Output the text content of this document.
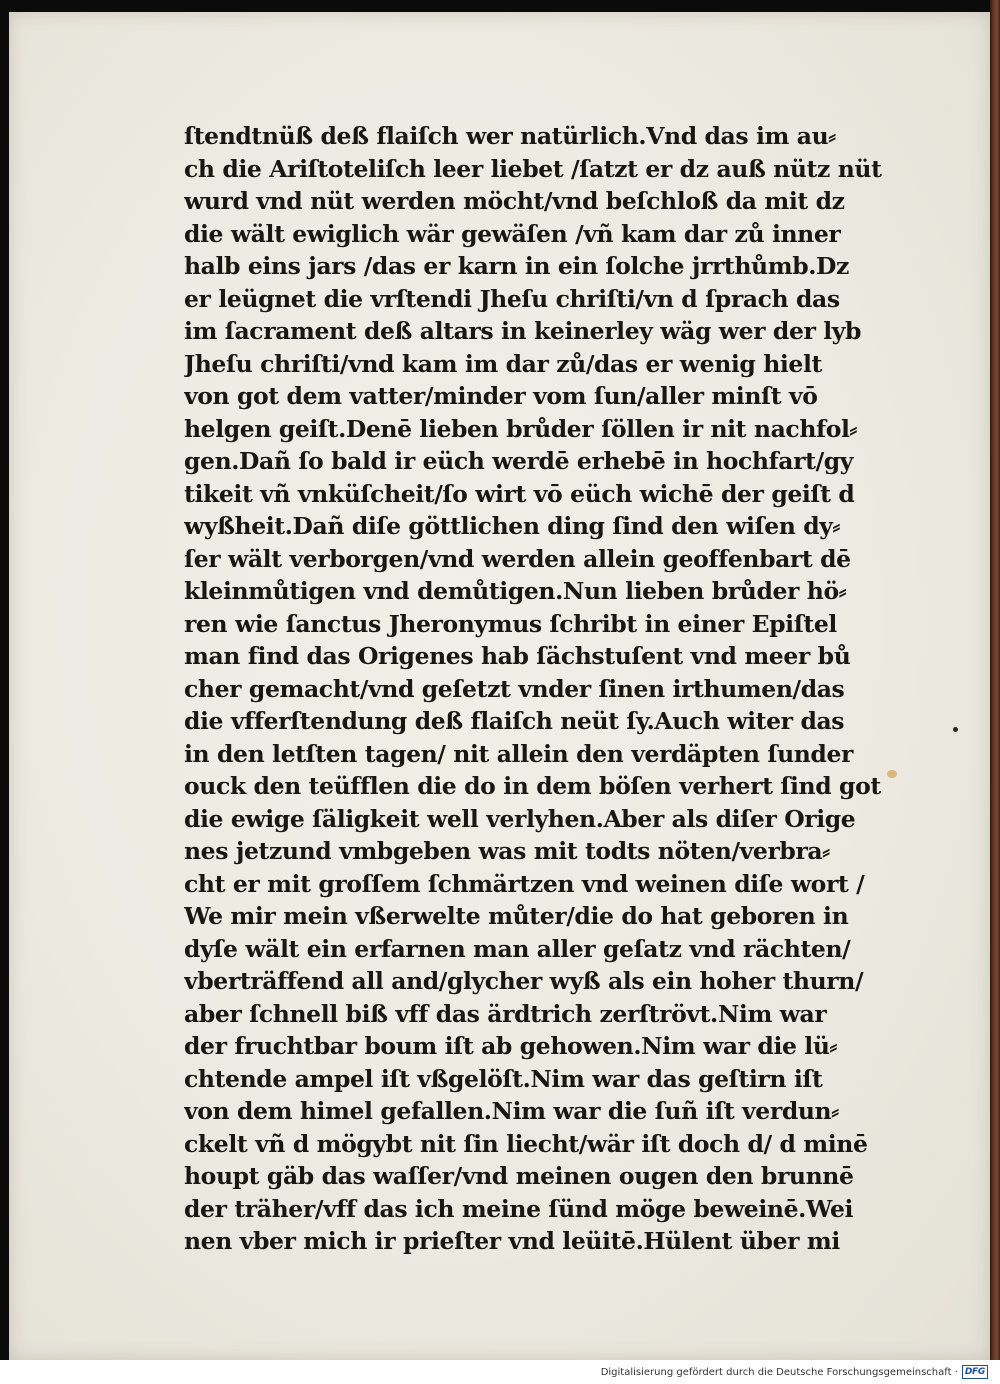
ſtendtnüß deß flaiſch wer natürlich.Vnd das im au⸗
ch die Ariſtoteliſch leer liebet /ſatzt er dz auß nütz nüt
wurd vnd nüt werden möcht/vnd beſchloß da mit dz
die wält ewiglich wär gewäſen /vñ kam dar zů inner
halb eins jars /das er karn in ein ſolche jrrthůmb.Dz
er leügnet die vrſtendi Jheſu chriſti/vn d ſprach das
im ſacrament deß altars in keinerley wäg wer der lyb
Jheſu chriſti/vnd kam im dar zů/das er wenig hielt
von got dem vatter/minder vom ſun/aller minſt vō
helgen geiſt.Denē lieben brůder ſöllen ir nit nachfol⸗
gen.Dañ ſo bald ir eüch werdē erhebē in hochfart/gy
tikeit vñ vnküſcheit/ſo wirt vō eüch wichē der geiſt d
wyßheit.Dañ diſe göttlichen ding ſind den wiſen dy⸗
ſer wält verborgen/vnd werden allein geoffenbart dē
kleinmůtigen vnd demůtigen.Nun lieben brůder hö⸗
ren wie ſanctus Jheronymus ſchribt in einer Epiſtel
man find das Origenes hab ſächstuſent vnd meer bů
cher gemacht/vnd geſetzt vnder ſinen irthumen/das
die vfferſtendung deß flaiſch neüt ſy.Auch witer das
in den letſten tagen/ nit allein den verdäpten ſunder
ouck den teüfflen die do in dem böſen verhert ſind got
die ewige ſäligkeit well verlyhen.Aber als diſer Orige
nes jetzund vmbgeben was mit todts nöten/verbra⸗
cht er mit groſſem ſchmärtzen vnd weinen diſe wort /
We mir mein vßerwelte můter/die do hat geboren in
dyſe wält ein erfarnen man aller geſatz vnd rächten/
vberträffend all and/glycher wyß als ein hoher thurn/
aber ſchnell biß vff das ärdtrich zerſtrövt.Nim war
der fruchtbar boum iſt ab gehowen.Nim war die lü⸗
chtende ampel iſt vßgelöſt.Nim war das geſtirn iſt
von dem himel gefallen.Nim war die ſuñ iſt verdun⸗
ckelt vñ d mögybt nit ſin liecht/wär iſt doch d/ d minē
houpt gäb das waſſer/vnd meinen ougen den brunnē
der träher/vff das ich meine ſünd möge beweinē.Wei
nen vber mich ir prieſter vnd leüitē.Hülent über mi
Digitalisierung gefördert durch die Deutsche Forschungsgemeinschaft · DFG
